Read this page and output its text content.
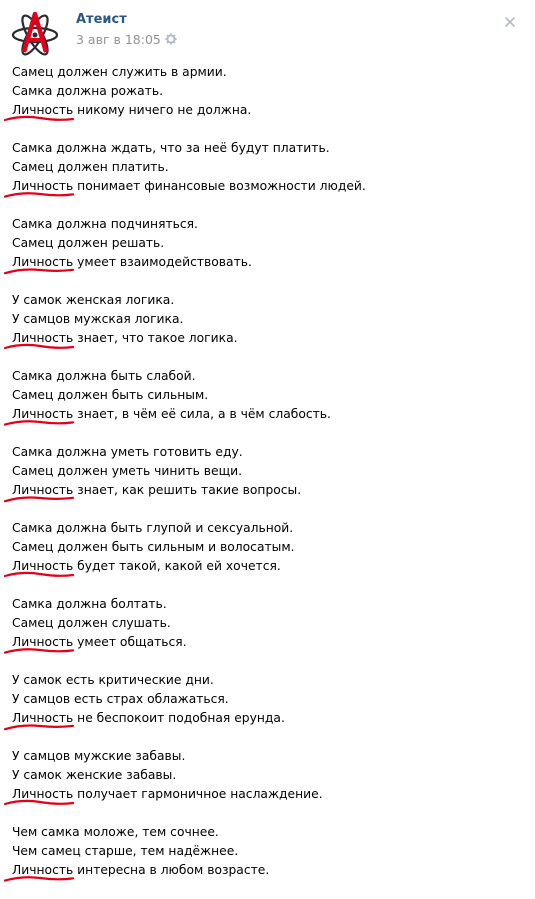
Атеист
3 авг в 18:05
Самец должен служить в армии.
Самка должна рожать.
Личность
никому ничего не должна.
Самка должна ждать, что за неё будут платить.
Самец должен платить.
Личность
понимает финансовые возможности людей.
Самка должна подчиняться.
Самец должен решать.
Личность
умеет взаимодействовать.
У самок женская логика.
У самцов мужская логика.
Личность
знает, что такое логика.
Самка должна быть слабой.
Самец должен быть сильным.
Личность
знает, в чём её сила, а в чём слабость.
Самка должна уметь готовить еду.
Самец должен уметь чинить вещи.
Личность
знает, как решить такие вопросы.
Самка должна быть глупой и сексуальной.
Самец должен быть сильным и волосатым.
Личность
будет такой, какой ей хочется.
Самка должна болтать.
Самец должен слушать.
Личность
умеет общаться.
У самок есть критические дни.
У самцов есть страх облажаться.
Личность
не беспокоит подобная ерунда.
У самцов мужские забавы.
У самок женские забавы.
Личность
получает гармоничное наслаждение.
Чем самка моложе, тем сочнее.
Чем самец старше, тем надёжнее.
Личность
интересна в любом возрасте.
